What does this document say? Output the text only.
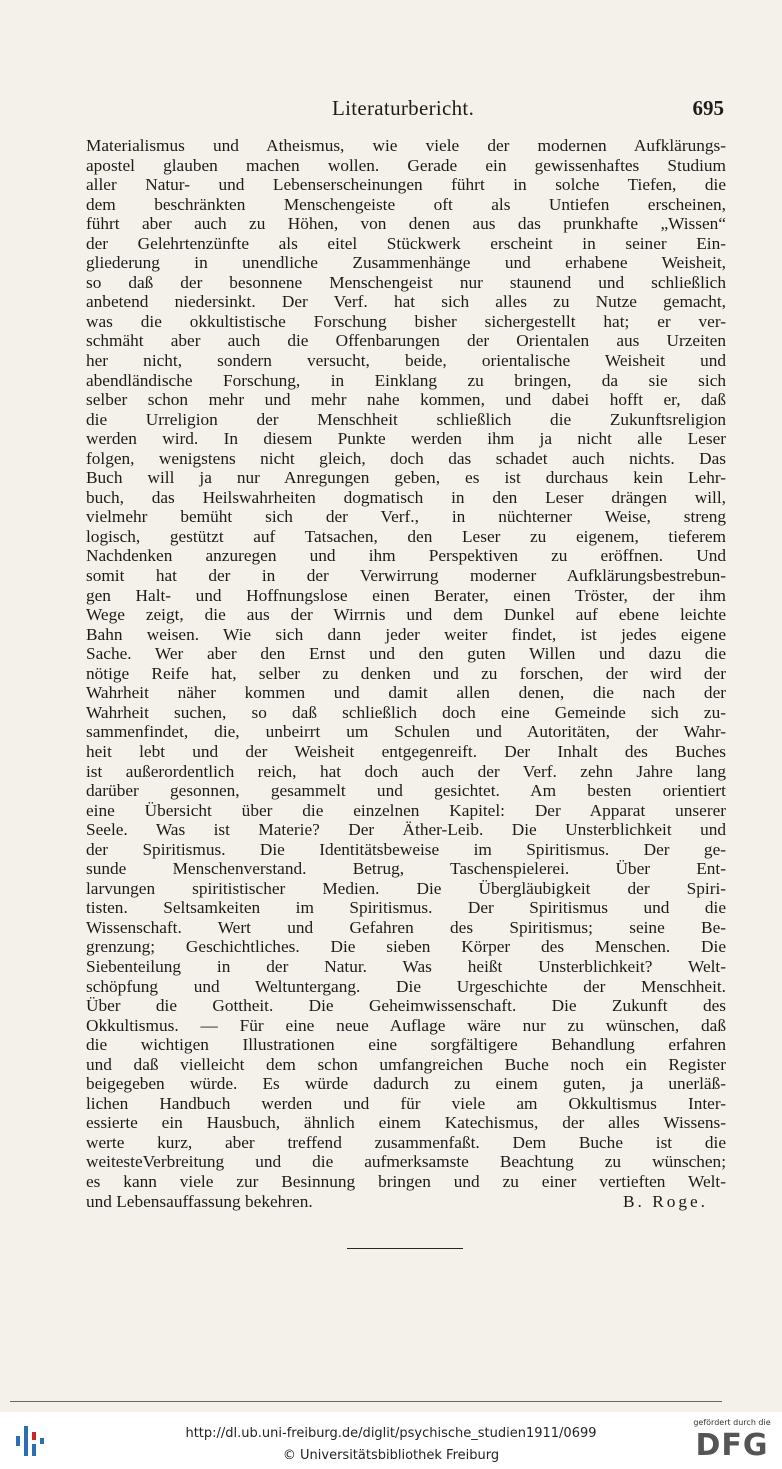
Literaturbericht.	695
Materialismus und Atheismus, wie viele der modernen Aufklärungs-
apostel glauben machen wollen. Gerade ein gewissenhaftes Studium
aller Natur- und Lebenserscheinungen führt in solche Tiefen, die
dem beschränkten Menschengeiste oft als Untiefen erscheinen,
führt aber auch zu Höhen, von denen aus das prunkhafte „Wissen“
der Gelehrtenzünfte als eitel Stückwerk erscheint in seiner Ein-
gliederung in unendliche Zusammenhänge und erhabene Weisheit,
so daß der besonnene Menschengeist nur staunend und schließlich
anbetend niedersinkt. Der Verf. hat sich alles zu Nutze gemacht,
was die okkultistische Forschung bisher sichergestellt hat; er ver-
schmäht aber auch die Offenbarungen der Orientalen aus Urzeiten
her nicht, sondern versucht, beide, orientalische Weisheit und
abendländische Forschung, in Einklang zu bringen, da sie sich
selber schon mehr und mehr nahe kommen, und dabei hofft er, daß
die Urreligion der Menschheit schließlich die Zukunftsreligion
werden wird. In diesem Punkte werden ihm ja nicht alle Leser
folgen, wenigstens nicht gleich, doch das schadet auch nichts. Das
Buch will ja nur Anregungen geben, es ist durchaus kein Lehr-
buch, das Heilswahrheiten dogmatisch in den Leser drängen will,
vielmehr bemüht sich der Verf., in nüchterner Weise, streng
logisch, gestützt auf Tatsachen, den Leser zu eigenem, tieferem
Nachdenken anzuregen und ihm Perspektiven zu eröffnen. Und
somit hat der in der Verwirrung moderner Aufklärungsbestrebun-
gen Halt- und Hoffnungslose einen Berater, einen Tröster, der ihm
Wege zeigt, die aus der Wirrnis und dem Dunkel auf ebene leichte
Bahn weisen. Wie sich dann jeder weiter findet, ist jedes eigene
Sache. Wer aber den Ernst und den guten Willen und dazu die
nötige Reife hat, selber zu denken und zu forschen, der wird der
Wahrheit näher kommen und damit allen denen, die nach der
Wahrheit suchen, so daß schließlich doch eine Gemeinde sich zu-
sammenfindet, die, unbeirrt um Schulen und Autoritäten, der Wahr-
heit lebt und der Weisheit entgegenreift. Der Inhalt des Buches
ist außerordentlich reich, hat doch auch der Verf. zehn Jahre lang
darüber gesonnen, gesammelt und gesichtet. Am besten orientiert
eine Übersicht über die einzelnen Kapitel: Der Apparat unserer
Seele. Was ist Materie? Der Äther-Leib. Die Unsterblichkeit und
der Spiritismus. Die Identitätsbeweise im Spiritismus. Der ge-
sunde Menschenverstand. Betrug, Taschenspielerei. Über Ent-
larvungen spiritistischer Medien. Die Übergläubigkeit der Spiri-
tisten. Seltsamkeiten im Spiritismus. Der Spiritismus und die
Wissenschaft. Wert und Gefahren des Spiritismus; seine Be-
grenzung; Geschichtliches. Die sieben Körper des Menschen. Die
Siebenteilung in der Natur. Was heißt Unsterblichkeit? Welt-
schöpfung und Weltuntergang. Die Urgeschichte der Menschheit.
Über die Gottheit. Die Geheimwissenschaft. Die Zukunft des
Okkultismus. — Für eine neue Auflage wäre nur zu wünschen, daß
die wichtigen Illustrationen eine sorgfältigere Behandlung erfahren
und daß vielleicht dem schon umfangreichen Buche noch ein Register
beigegeben würde. Es würde dadurch zu einem guten, ja unerläß-
lichen Handbuch werden und für viele am Okkultismus Inter-
essierte ein Hausbuch, ähnlich einem Katechismus, der alles Wissens-
werte kurz, aber treffend zusammenfaßt. Dem Buche ist die
weitesteVerbreitung und die aufmerksamste Beachtung zu wünschen;
es kann viele zur Besinnung bringen und zu einer vertieften Welt-
und Lebensauffassung bekehren.	B. Roge.
http://dl.ub.uni-freiburg.de/diglit/psychische_studien1911/0699
© Universitätsbibliothek Freiburg
gefördert durch die
DFG
